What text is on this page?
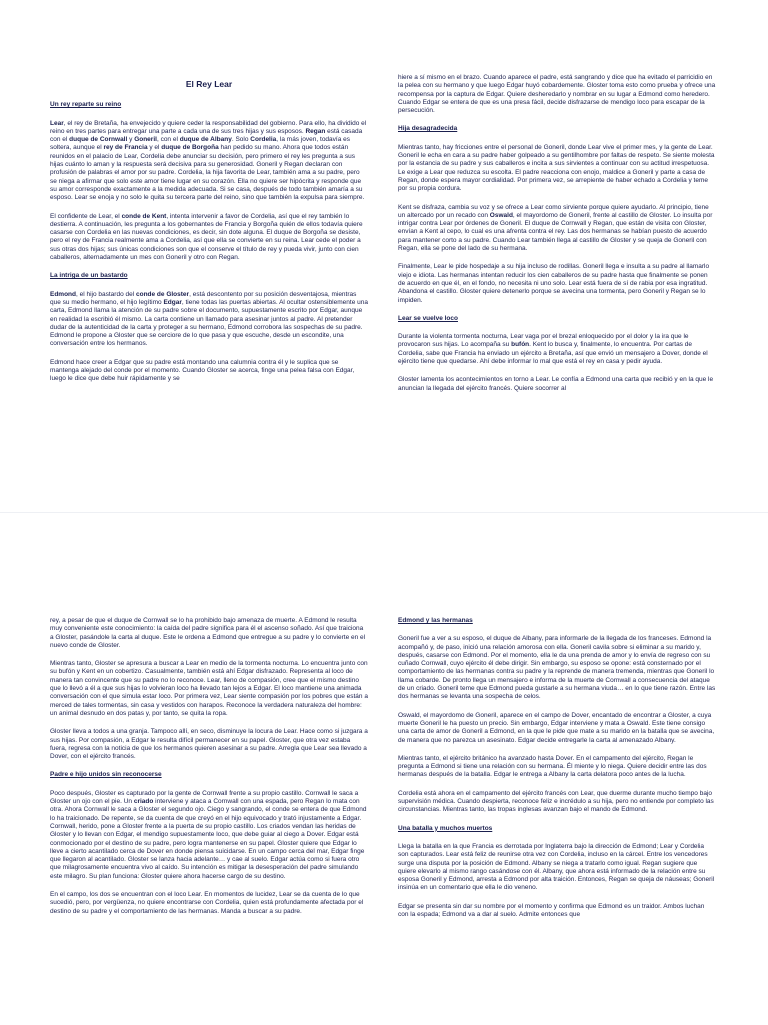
El Rey Lear
Un rey reparte su reino
Lear, el rey de Bretaña, ha envejecido y quiere ceder la responsabilidad del gobierno. Para ello, ha dividido el reino en tres partes para entregar una parte a cada una de sus tres hijas y sus esposos. Regan está casada con el duque de Cornwall y Goneril, con el duque de Albany. Solo Cordelia, la más joven, todavía es soltera, aunque el rey de Francia y el duque de Borgoña han pedido su mano. Ahora que todos están reunidos en el palacio de Lear, Cordelia debe anunciar su decisión, pero primero el rey les pregunta a sus hijas cuánto lo aman y la respuesta será decisiva para su generosidad. Goneril y Regan declaran con profusión de palabras el amor por su padre. Cordelia, la hija favorita de Lear, también ama a su padre, pero se niega a afirmar que solo este amor tiene lugar en su corazón. Ella no quiere ser hipócrita y responde que su amor corresponde exactamente a la medida adecuada. Si se casa, después de todo también amaría a su esposo. Lear se enoja y no solo le quita su tercera parte del reino, sino que también la expulsa para siempre.
El confidente de Lear, el conde de Kent, intenta intervenir a favor de Cordelia, así que el rey también lo destierra. A continuación, les pregunta a los gobernantes de Francia y Borgoña quién de ellos todavía quiere casarse con Cordelia en las nuevas condiciones, es decir, sin dote alguna. El duque de Borgoña se desiste, pero el rey de Francia realmente ama a Cordelia, así que ella se convierte en su reina. Lear cede el poder a sus otras dos hijas; sus únicas condiciones son que el conserve el título de rey y pueda vivir, junto con cien caballeros, alternadamente un mes con Goneril y otro con Regan.
La intriga de un bastardo
Edmond, el hijo bastardo del conde de Gloster, está descontento por su posición desventajosa, mientras que su medio hermano, el hijo legítimo Edgar, tiene todas las puertas abiertas. Al ocultar ostensiblemente una carta, Edmond llama la atención de su padre sobre el documento, supuestamente escrito por Edgar, aunque en realidad la escribió él mismo. La carta contiene un llamado para asesinar juntos al padre. Al pretender dudar de la autenticidad de la carta y proteger a su hermano, Edmond corrobora las sospechas de su padre. Edmond le propone a Gloster que se cerciore de lo que pasa y que escuche, desde un escondite, una conversación entre los hermanos.
Edmond hace creer a Edgar que su padre está montando una calumnia contra él y le suplica que se mantenga alejado del conde por el momento. Cuando Gloster se acerca, finge una pelea falsa con Edgar, luego le dice que debe huir rápidamente y se
hiere a sí mismo en el brazo. Cuando aparece el padre, está sangrando y dice que ha evitado el parricidio en la pelea con su hermano y que luego Edgar huyó cobardemente. Gloster toma esto como prueba y ofrece una recompensa por la captura de Edgar. Quiere desheredarlo y nombrar en su lugar a Edmond como heredero. Cuando Edgar se entera de que es una presa fácil, decide disfrazarse de mendigo loco para escapar de la persecución.
Hija desagradecida
Mientras tanto, hay fricciones entre el personal de Goneril, donde Lear vive el primer mes, y la gente de Lear. Goneril le echa en cara a su padre haber golpeado a su gentilhombre por faltas de respeto. Se siente molesta por la estancia de su padre y sus caballeros e incita a sus sirvientes a continuar con su actitud irrespetuosa. Le exige a Lear que reduzca su escolta. El padre reacciona con enojo, maldice a Goneril y parte a casa de Regan, donde espera mayor cordialidad. Por primera vez, se arrepiente de haber echado a Cordelia y teme por su propia cordura.
Kent se disfraza, cambia su voz y se ofrece a Lear como sirviente porque quiere ayudarlo. Al principio, tiene un altercado por un recado con Oswald, el mayordomo de Goneril, frente al castillo de Gloster. Lo insulta por intrigar contra Lear por órdenes de Goneril. El duque de Cornwall y Regan, que están de visita con Gloster, envían a Kent al cepo, lo cual es una afrenta contra el rey. Las dos hermanas se habían puesto de acuerdo para mantener corto a su padre. Cuando Lear también llega al castillo de Gloster y se queja de Goneril con Regan, ella se pone del lado de su hermana.
Finalmente, Lear le pide hospedaje a su hija incluso de rodillas. Goneril llega e insulta a su padre al llamarlo viejo e idiota. Las hermanas intentan reducir los cien caballeros de su padre hasta que finalmente se ponen de acuerdo en que él, en el fondo, no necesita ni uno solo. Lear está fuera de sí de rabia por esa ingratitud. Abandona el castillo. Gloster quiere detenerlo porque se avecina una tormenta, pero Goneril y Regan se lo impiden.
Lear se vuelve loco
Durante la violenta tormenta nocturna, Lear vaga por el brezal enloquecido por el dolor y la ira que le provocaron sus hijas. Lo acompaña su bufón. Kent lo busca y, finalmente, lo encuentra. Por cartas de Cordelia, sabe que Francia ha enviado un ejército a Bretaña, así que envió un mensajero a Dover, donde el ejército tiene que quedarse. Ahí debe informar lo mal que está el rey en casa y pedir ayuda.
Gloster lamenta los acontecimientos en torno a Lear. Le confía a Edmond una carta que recibió y en la que le anuncian la llegada del ejército francés. Quiere socorrer al
rey, a pesar de que el duque de Cornwall se lo ha prohibido bajo amenaza de muerte. A Edmond le resulta muy conveniente este conocimiento: la caída del padre significa para él el ascenso soñado. Así que traiciona a Gloster, pasándole la carta al duque. Este le ordena a Edmond que entregue a su padre y lo convierte en el nuevo conde de Gloster.
Mientras tanto, Gloster se apresura a buscar a Lear en medio de la tormenta nocturna. Lo encuentra junto con su bufón y Kent en un cobertizo. Casualmente, también está ahí Edgar disfrazado. Representa al loco de manera tan convincente que su padre no lo reconoce. Lear, lleno de compasión, cree que el mismo destino que lo llevó a él a que sus hijas lo volvieran loco ha llevado tan lejos a Edgar. El loco mantiene una animada conversación con el que simula estar loco. Por primera vez, Lear siente compasión por los pobres que están a merced de tales tormentas, sin casa y vestidos con harapos. Reconoce la verdadera naturaleza del hombre: un animal desnudo en dos patas y, por tanto, se quita la ropa.
Gloster lleva a todos a una granja. Tampoco allí, en seco, disminuye la locura de Lear. Hace como si juzgara a sus hijas. Por compasión, a Edgar le resulta difícil permanecer en su papel. Gloster, que otra vez estaba fuera, regresa con la noticia de que los hermanos quieren asesinar a su padre. Arregla que Lear sea llevado a Dover, con el ejército francés.
Padre e hijo unidos sin reconocerse
Poco después, Gloster es capturado por la gente de Cornwall frente a su propio castillo. Cornwall le saca a Gloster un ojo con el pie. Un criado interviene y ataca a Cornwall con una espada, pero Regan lo mata con otra. Ahora Cornwall le saca a Gloster el segundo ojo. Ciego y sangrando, el conde se entera de que Edmond lo ha traicionado. De repente, se da cuenta de que creyó en el hijo equivocado y trató injustamente a Edgar. Cornwall, herido, pone a Gloster frente a la puerta de su propio castillo. Los criados vendan las heridas de Gloster y lo llevan con Edgar, el mendigo supuestamente loco, que debe guiar al ciego a Dover. Edgar está conmocionado por el destino de su padre, pero logra mantenerse en su papel. Gloster quiere que Edgar lo lleve a cierto acantilado cerca de Dover en donde piensa suicidarse. En un campo cerca del mar, Edgar finge que llegaron al acantilado. Gloster se lanza hacia adelante… y cae al suelo. Edgar actúa como si fuera otro que milagrosamente encuentra vivo al caído. Su intención es mitigar la desesperación del padre simulando este milagro. Su plan funciona: Gloster quiere ahora hacerse cargo de su destino.
En el campo, los dos se encuentran con el loco Lear. En momentos de lucidez, Lear se da cuenta de lo que sucedió, pero, por vergüenza, no quiere encontrarse con Cordelia, quien está profundamente afectada por el destino de su padre y el comportamiento de las hermanas. Manda a buscar a su padre.
Edmond y las hermanas
Goneril fue a ver a su esposo, el duque de Albany, para informarle de la llegada de los franceses. Edmond la acompañó y, de paso, inició una relación amorosa con ella. Goneril cavila sobre si eliminar a su marido y, después, casarse con Edmond. Por el momento, ella le da una prenda de amor y lo envía de regreso con su cuñado Cornwall, cuyo ejército él debe dirigir. Sin embargo, su esposo se opone: está consternado por el comportamiento de las hermanas contra su padre y la reprende de manera tremenda, mientras que Goneril lo llama cobarde. De pronto llega un mensajero e informa de la muerte de Cornwall a consecuencia del ataque de un criado. Goneril teme que Edmond pueda gustarle a su hermana viuda… en lo que tiene razón. Entre las dos hermanas se levanta una sospecha de celos.
Oswald, el mayordomo de Goneril, aparece en el campo de Dover, encantado de encontrar a Gloster, a cuya muerte Goneril le ha puesto un precio. Sin embargo, Edgar interviene y mata a Oswald. Este tiene consigo una carta de amor de Goneril a Edmond, en la que le pide que mate a su marido en la batalla que se avecina, de manera que no parezca un asesinato. Edgar decide entregarle la carta al amenazado Albany.
Mientras tanto, el ejército británico ha avanzado hasta Dover. En el campamento del ejército, Regan le pregunta a Edmond si tiene una relación con su hermana. Él miente y lo niega. Quiere decidir entre las dos hermanas después de la batalla. Edgar le entrega a Albany la carta delatora poco antes de la lucha.
Cordelia está ahora en el campamento del ejército francés con Lear, que duerme durante mucho tiempo bajo supervisión médica. Cuando despierta, reconoce feliz e incrédulo a su hija, pero no entiende por completo las circunstancias. Mientras tanto, las tropas inglesas avanzan bajo el mando de Edmond.
Una batalla y muchos muertos
Llega la batalla en la que Francia es derrotada por Inglaterra bajo la dirección de Edmond; Lear y Cordelia son capturados. Lear está feliz de reunirse otra vez con Cordelia, incluso en la cárcel. Entre los vencedores surge una disputa por la posición de Edmond. Albany se niega a tratarlo como igual. Regan sugiere que quiere elevarlo al mismo rango casándose con él. Albany, que ahora está informado de la relación entre su esposa Goneril y Edmond, arresta a Edmond por alta traición. Entonces, Regan se queja de náuseas; Goneril insinúa en un comentario que ella le dio veneno.
Edgar se presenta sin dar su nombre por el momento y confirma que Edmond es un traidor. Ambos luchan con la espada; Edmond va a dar al suelo. Admite entonces que
